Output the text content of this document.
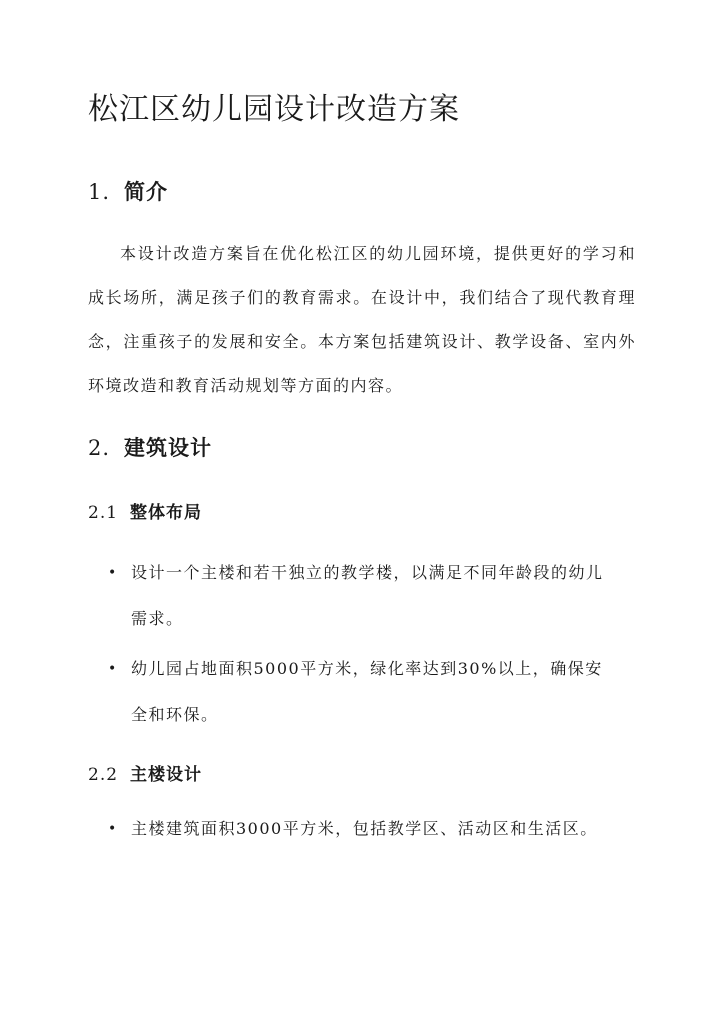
松江区幼儿园设计改造方案
1. 简介

本设计改造方案旨在优化松江区的幼儿园环境，提供更好的学习和成长场所，满足孩子们的教育需求。在设计中，我们结合了现代教育理念，注重孩子的发展和安全。本方案包括建筑设计、教学设备、室内外环境改造和教育活动规划等方面的内容。

2. 建筑设计
2.1 整体布局
• 设计一个主楼和若干独立的教学楼，以满足不同年龄段的幼儿需求。
• 幼儿园占地面积5000平方米，绿化率达到30%以上，确保安全和环保。
2.2 主楼设计
• 主楼建筑面积3000平方米，包括教学区、活动区和生活区。
